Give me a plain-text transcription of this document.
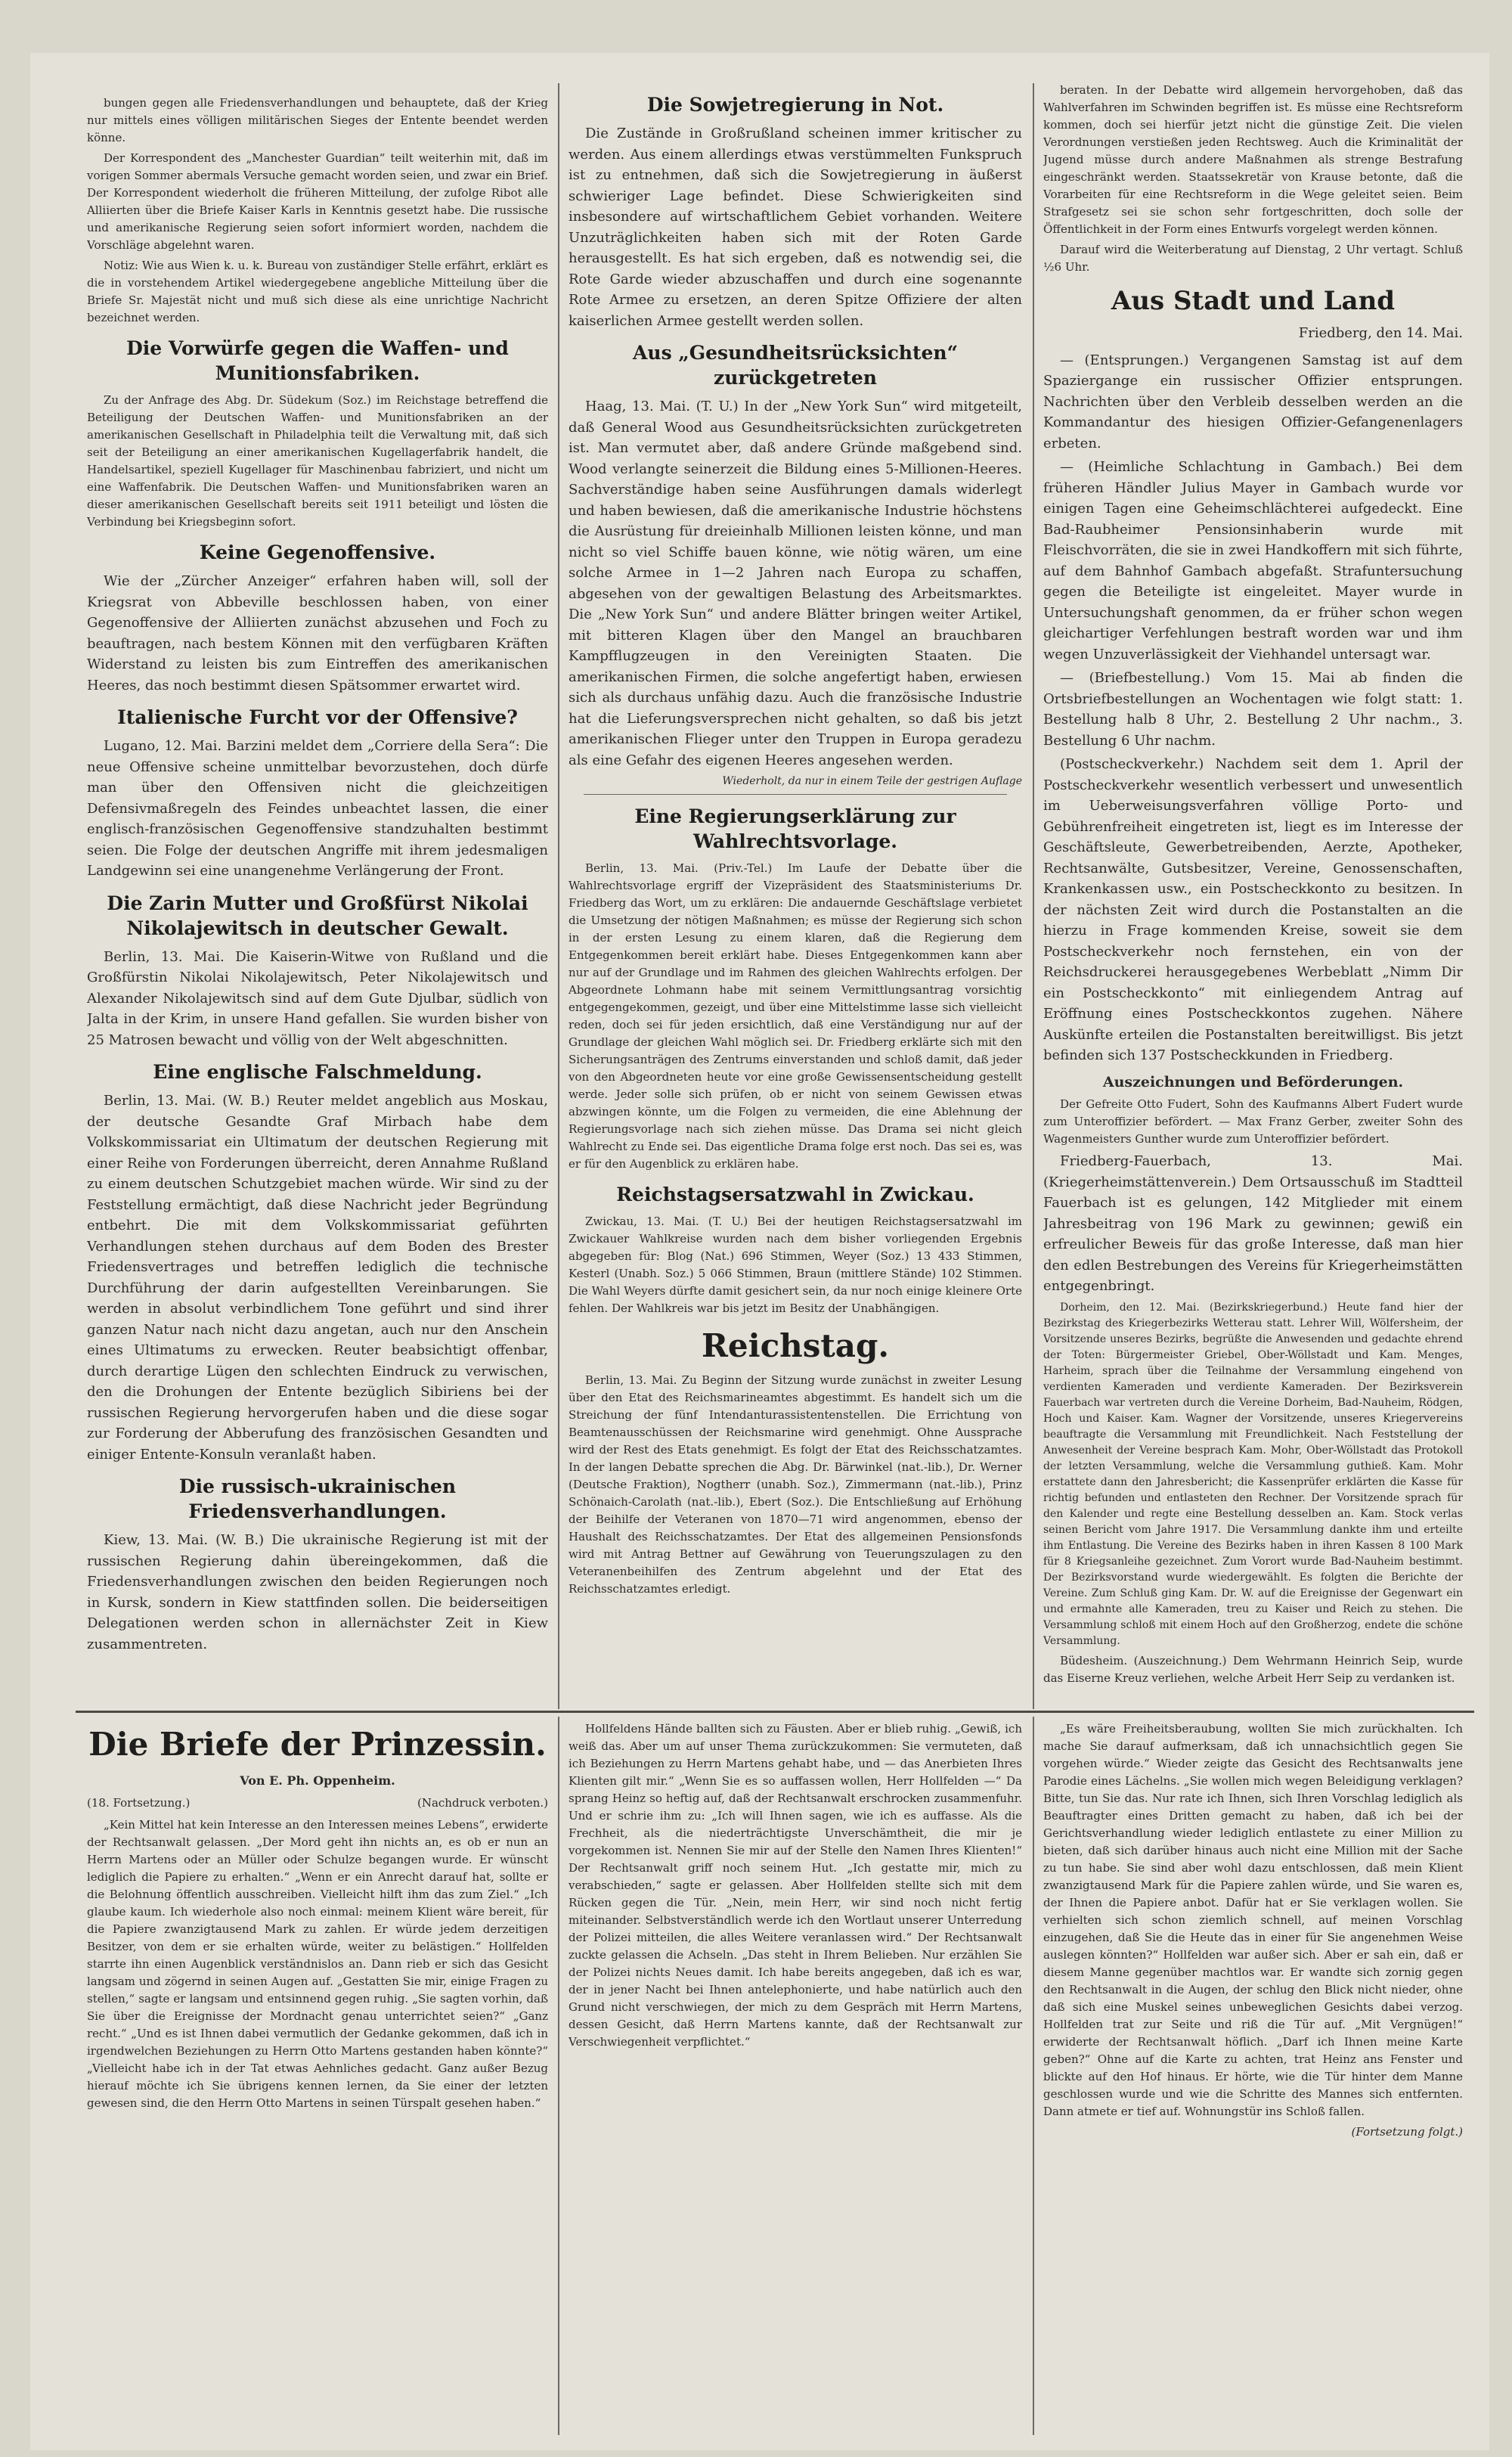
bungen gegen alle Friedensverhandlungen und behauptete, daß der Krieg nur mittels eines völligen militärischen Sieges der Entente beendet werden könne.

Der Korrespondent des „Manchester Guardian“ teilt weiterhin mit, daß im vorigen Sommer abermals Versuche gemacht worden seien, und zwar ein Brief. Der Korrespondent wiederholt die früheren Mitteilung, der zufolge Ribot alle Alliierten über die Briefe Kaiser Karls in Kenntnis gesetzt habe. Die russische und amerikanische Regierung seien sofort informiert worden, nachdem die Vorschläge abgelehnt waren.

Notiz: Wie aus Wien k. u. k. Bureau von zuständiger Stelle erfährt, erklärt es die in vorstehendem Artikel wiedergegebene angebliche Mitteilung über die Briefe Sr. Majestät nicht und muß sich diese als eine unrichtige Nachricht bezeichnet werden.

Die Vorwürfe gegen die Waffen- und Munitionsfabriken.

Zu der Anfrage des Abg. Dr. Südekum (Soz.) im Reichstage betreffend die Beteiligung der Deutschen Waffen- und Munitionsfabriken an der amerikanischen Gesellschaft in Philadelphia teilt die Verwaltung mit, daß sich seit der Beteiligung an einer amerikanischen Kugellagerfabrik handelt, die Handelsartikel, speziell Kugellager für Maschinenbau fabriziert, und nicht um eine Waffenfabrik. Die Deutschen Waffen- und Munitionsfabriken waren an dieser amerikanischen Gesellschaft bereits seit 1911 beteiligt und lösten die Verbindung bei Kriegsbeginn sofort.

Keine Gegenoffensive.

Wie der „Zürcher Anzeiger“ erfahren haben will, soll der Kriegsrat von Abbeville beschlossen haben, von einer Gegenoffensive der Alliierten zunächst abzusehen und Foch zu beauftragen, nach bestem Können mit den verfügbaren Kräften Widerstand zu leisten bis zum Eintreffen des amerikanischen Heeres, das noch bestimmt diesen Spätsommer erwartet wird.

Italienische Furcht vor der Offensive?

Lugano, 12. Mai. Barzini meldet dem „Corriere della Sera“: Die neue Offensive scheine unmittelbar bevorzustehen, doch dürfe man über den Offensiven nicht die gleichzeitigen Defensivmaßregeln des Feindes unbeachtet lassen, die einer englisch-französischen Gegenoffensive standzuhalten bestimmt seien. Die Folge der deutschen Angriffe mit ihrem jedesmaligen Landgewinn sei eine unangenehme Verlängerung der Front.

Die Zarin Mutter und Großfürst Nikolai Nikolajewitsch in deutscher Gewalt.

Berlin, 13. Mai. Die Kaiserin-Witwe von Rußland und die Großfürstin Nikolai Nikolajewitsch, Peter Nikolajewitsch und Alexander Nikolajewitsch sind auf dem Gute Djulbar, südlich von Jalta in der Krim, in unsere Hand gefallen. Sie wurden bisher von 25 Matrosen bewacht und völlig von der Welt abgeschnitten.

Eine englische Falschmeldung.

Berlin, 13. Mai. (W. B.) Reuter meldet angeblich aus Moskau, der deutsche Gesandte Graf Mirbach habe dem Volkskommissariat ein Ultimatum der deutschen Regierung mit einer Reihe von Forderungen überreicht, deren Annahme Rußland zu einem deutschen Schutzgebiet machen würde. Wir sind zu der Feststellung ermächtigt, daß diese Nachricht jeder Begründung entbehrt. Die mit dem Volkskommissariat geführten Verhandlungen stehen durchaus auf dem Boden des Brester Friedensvertrages und betreffen lediglich die technische Durchführung der darin aufgestellten Vereinbarungen. Sie werden in absolut verbindlichem Tone geführt und sind ihrer ganzen Natur nach nicht dazu angetan, auch nur den Anschein eines Ultimatums zu erwecken. Reuter beabsichtigt offenbar, durch derartige Lügen den schlechten Eindruck zu verwischen, den die Drohungen der Entente bezüglich Sibiriens bei der russischen Regierung hervorgerufen haben und die diese sogar zur Forderung der Abberufung des französischen Gesandten und einiger Entente-Konsuln veranlaßt haben.

Die russisch-ukrainischen Friedensverhandlungen.

Kiew, 13. Mai. (W. B.) Die ukrainische Regierung ist mit der russischen Regierung dahin übereingekommen, daß die Friedensverhandlungen zwischen den beiden Regierungen noch in Kursk, sondern in Kiew stattfinden sollen. Die beiderseitigen Delegationen werden schon in allernächster Zeit in Kiew zusammentreten.

Die Sowjetregierung in Not.

Die Zustände in Großrußland scheinen immer kritischer zu werden. Aus einem allerdings etwas verstümmelten Funkspruch ist zu entnehmen, daß sich die Sowjetregierung in äußerst schwieriger Lage befindet. Diese Schwierigkeiten sind insbesondere auf wirtschaftlichem Gebiet vorhanden. Weitere Unzuträglichkeiten haben sich mit der Roten Garde herausgestellt. Es hat sich ergeben, daß es notwendig sei, die Rote Garde wieder abzuschaffen und durch eine sogenannte Rote Armee zu ersetzen, an deren Spitze Offiziere der alten kaiserlichen Armee gestellt werden sollen.

Aus „Gesundheitsrücksichten“ zurückgetreten

Haag, 13. Mai. (T. U.) In der „New York Sun“ wird mitgeteilt, daß General Wood aus Gesundheitsrücksichten zurückgetreten ist. Man vermutet aber, daß andere Gründe maßgebend sind. Wood verlangte seinerzeit die Bildung eines 5-Millionen-Heeres. Sachverständige haben seine Ausführungen damals widerlegt und haben bewiesen, daß die amerikanische Industrie höchstens die Ausrüstung für dreieinhalb Millionen leisten könne, und man nicht so viel Schiffe bauen könne, wie nötig wären, um eine solche Armee in 1—2 Jahren nach Europa zu schaffen, abgesehen von der gewaltigen Belastung des Arbeitsmarktes. Die „New York Sun“ und andere Blätter bringen weiter Artikel, mit bitteren Klagen über den Mangel an brauchbaren Kampfflugzeugen in den Vereinigten Staaten. Die amerikanischen Firmen, die solche angefertigt haben, erwiesen sich als durchaus unfähig dazu. Auch die französische Industrie hat die Lieferungsversprechen nicht gehalten, so daß bis jetzt amerikanischen Flieger unter den Truppen in Europa geradezu als eine Gefahr des eigenen Heeres angesehen werden.

Wiederholt, da nur in einem Teile der gestrigen Auflage

Eine Regierungserklärung zur Wahlrechtsvorlage.

Berlin, 13. Mai. (Priv.-Tel.) Im Laufe der Debatte über die Wahlrechtsvorlage ergriff der Vizepräsident des Staatsministeriums Dr. Friedberg das Wort, um zu erklären: Die andauernde Geschäftslage verbietet die Umsetzung der nötigen Maßnahmen; es müsse der Regierung sich schon in der ersten Lesung zu einem klaren, daß die Regierung dem Entgegenkommen bereit erklärt habe. Dieses Entgegenkommen kann aber nur auf der Grundlage und im Rahmen des gleichen Wahlrechts erfolgen. Der Abgeordnete Lohmann habe mit seinem Vermittlungsantrag vorsichtig entgegengekommen, gezeigt, und über eine Mittelstimme lasse sich vielleicht reden, doch sei für jeden ersichtlich, daß eine Verständigung nur auf der Grundlage der gleichen Wahl möglich sei. Dr. Friedberg erklärte sich mit den Sicherungsanträgen des Zentrums einverstanden und schloß damit, daß jeder von den Abgeordneten heute vor eine große Gewissensentscheidung gestellt werde. Jeder solle sich prüfen, ob er nicht von seinem Gewissen etwas abzwingen könnte, um die Folgen zu vermeiden, die eine Ablehnung der Regierungsvorlage nach sich ziehen müsse. Das Drama sei nicht gleich Wahlrecht zu Ende sei. Das eigentliche Drama folge erst noch. Das sei es, was er für den Augenblick zu erklären habe.

Reichstagsersatzwahl in Zwickau.

Zwickau, 13. Mai. (T. U.) Bei der heutigen Reichstagsersatzwahl im Zwickauer Wahlkreise wurden nach dem bisher vorliegenden Ergebnis abgegeben für: Blog (Nat.) 696 Stimmen, Weyer (Soz.) 13 433 Stimmen, Kesterl (Unabh. Soz.) 5 066 Stimmen, Braun (mittlere Stände) 102 Stimmen. Die Wahl Weyers dürfte damit gesichert sein, da nur noch einige kleinere Orte fehlen. Der Wahlkreis war bis jetzt im Besitz der Unabhängigen.

Reichstag.

Berlin, 13. Mai. Zu Beginn der Sitzung wurde zunächst in zweiter Lesung über den Etat des Reichsmarineamtes abgestimmt. Es handelt sich um die Streichung der fünf Intendanturassistentenstellen. Die Errichtung von Beamtenausschüssen der Reichsmarine wird genehmigt. Ohne Aussprache wird der Rest des Etats genehmigt. Es folgt der Etat des Reichsschatzamtes. In der langen Debatte sprechen die Abg. Dr. Bärwinkel (nat.-lib.), Dr. Werner (Deutsche Fraktion), Nogtherr (unabh. Soz.), Zimmermann (nat.-lib.), Prinz Schönaich-Carolath (nat.-lib.), Ebert (Soz.). Die Entschließung auf Erhöhung der Beihilfe der Veteranen von 1870—71 wird angenommen, ebenso der Haushalt des Reichsschatzamtes. Der Etat des allgemeinen Pensionsfonds wird mit Antrag Bettner auf Gewährung von Teuerungszulagen zu den Veteranenbeihilfen des Zentrum abgelehnt und der Etat des Reichsschatzamtes erledigt.

beraten. In der Debatte wird allgemein hervorgehoben, daß das Wahlverfahren im Schwinden begriffen ist. Es müsse eine Rechtsreform kommen, doch sei hierfür jetzt nicht die günstige Zeit. Die vielen Verordnungen verstießen jeden Rechtsweg. Auch die Kriminalität der Jugend müsse durch andere Maßnahmen als strenge Bestrafung eingeschränkt werden. Staatssekretär von Krause betonte, daß die Vorarbeiten für eine Rechtsreform in die Wege geleitet seien. Beim Strafgesetz sei sie schon sehr fortgeschritten, doch solle der Öffentlichkeit in der Form eines Entwurfs vorgelegt werden können.

Darauf wird die Weiterberatung auf Dienstag, 2 Uhr vertagt. Schluß ½6 Uhr.

Aus Stadt und Land
Friedberg, den 14. Mai.

— (Entsprungen.) Vergangenen Samstag ist auf dem Spaziergange ein russischer Offizier entsprungen. Nachrichten über den Verbleib desselben werden an die Kommandantur des hiesigen Offizier-Gefangenenlagers erbeten.

— (Heimliche Schlachtung in Gambach.) Bei dem früheren Händler Julius Mayer in Gambach wurde vor einigen Tagen eine Geheimschlächterei aufgedeckt. Eine Bad-Raubheimer Pensionsinhaberin wurde mit Fleischvorräten, die sie in zwei Handkoffern mit sich führte, auf dem Bahnhof Gambach abgefaßt. Strafuntersuchung gegen die Beteiligte ist eingeleitet. Mayer wurde in Untersuchungshaft genommen, da er früher schon wegen gleichartiger Verfehlungen bestraft worden war und ihm wegen Unzuverlässigkeit der Viehhandel untersagt war.

— (Briefbestellung.) Vom 15. Mai ab finden die Ortsbriefbestellungen an Wochentagen wie folgt statt: 1. Bestellung halb 8 Uhr, 2. Bestellung 2 Uhr nachm., 3. Bestellung 6 Uhr nachm.

(Postscheckverkehr.) Nachdem seit dem 1. April der Postscheckverkehr wesentlich verbessert und unwesentlich im Ueberweisungsverfahren völlige Porto- und Gebührenfreiheit eingetreten ist, liegt es im Interesse der Geschäftsleute, Gewerbetreibenden, Aerzte, Apotheker, Rechtsanwälte, Gutsbesitzer, Vereine, Genossenschaften, Krankenkassen usw., ein Postscheckkonto zu besitzen. In der nächsten Zeit wird durch die Postanstalten an die hierzu in Frage kommenden Kreise, soweit sie dem Postscheckverkehr noch fernstehen, ein von der Reichsdruckerei herausgegebenes Werbeblatt „Nimm Dir ein Postscheckkonto“ mit einliegendem Antrag auf Eröffnung eines Postscheckkontos zugehen. Nähere Auskünfte erteilen die Postanstalten bereitwilligst. Bis jetzt befinden sich 137 Postscheckkunden in Friedberg.

Auszeichnungen und Beförderungen.

Der Gefreite Otto Fudert, Sohn des Kaufmanns Albert Fudert wurde zum Unteroffizier befördert. — Max Franz Gerber, zweiter Sohn des Wagenmeisters Gunther wurde zum Unteroffizier befördert.

Friedberg-Fauerbach, 13. Mai. (Kriegerheimstättenverein.) Dem Ortsausschuß im Stadtteil Fauerbach ist es gelungen, 142 Mitglieder mit einem Jahresbeitrag von 196 Mark zu gewinnen; gewiß ein erfreulicher Beweis für das große Interesse, daß man hier den edlen Bestrebungen des Vereins für Kriegerheimstätten entgegenbringt.

Dorheim, den 12. Mai. (Bezirkskriegerbund.) Heute fand hier der Bezirkstag des Kriegerbezirks Wetterau statt. Lehrer Will, Wölfersheim, der Vorsitzende unseres Bezirks, begrüßte die Anwesenden und gedachte ehrend der Toten: Bürgermeister Griebel, Ober-Wöllstadt und Kam. Menges, Harheim, sprach über die Teilnahme der Versammlung eingehend von verdienten Kameraden und verdiente Kameraden. Der Bezirksverein Fauerbach war vertreten durch die Vereine Dorheim, Bad-Nauheim, Rödgen, Hoch und Kaiser. Kam. Wagner der Vorsitzende, unseres Kriegervereins beauftragte die Versammlung mit Freundlichkeit. Nach Feststellung der Anwesenheit der Vereine besprach Kam. Mohr, Ober-Wöllstadt das Protokoll der letzten Versammlung, welche die Versammlung guthieß. Kam. Mohr erstattete dann den Jahresbericht; die Kassenprüfer erklärten die Kasse für richtig befunden und entlasteten den Rechner. Der Vorsitzende sprach für den Kalender und regte eine Bestellung desselben an. Kam. Stock verlas seinen Bericht vom Jahre 1917. Die Versammlung dankte ihm und erteilte ihm Entlastung. Die Vereine des Bezirks haben in ihren Kassen 8 100 Mark für 8 Kriegsanleihe gezeichnet. Zum Vorort wurde Bad-Nauheim bestimmt. Der Bezirksvorstand wurde wiedergewählt. Es folgten die Berichte der Vereine. Zum Schluß ging Kam. Dr. W. auf die Ereignisse der Gegenwart ein und ermahnte alle Kameraden, treu zu Kaiser und Reich zu stehen. Die Versammlung schloß mit einem Hoch auf den Großherzog, endete die schöne Versammlung.

Büdesheim. (Auszeichnung.) Dem Wehrmann Heinrich Seip, wurde das Eiserne Kreuz verliehen, welche Arbeit Herr Seip zu verdanken ist.

Die Briefe der Prinzessin.
Von E. Ph. Oppenheim.
(18. Fortsetzung.)	(Nachdruck verboten.)

„Kein Mittel hat kein Interesse an den Interessen meines Lebens“, erwiderte der Rechtsanwalt gelassen. „Der Mord geht ihn nichts an, es ob er nun an Herrn Martens oder an Müller oder Schulze begangen wurde. Er wünscht lediglich die Papiere zu erhalten.“ „Wenn er ein Anrecht darauf hat, sollte er die Belohnung öffentlich ausschreiben. Vielleicht hilft ihm das zum Ziel.“ „Ich glaube kaum. Ich wiederhole also noch einmal: meinem Klient wäre bereit, für die Papiere zwanzigtausend Mark zu zahlen. Er würde jedem derzeitigen Besitzer, von dem er sie erhalten würde, weiter zu belästigen.“ Hollfelden starrte ihn einen Augenblick verständnislos an. Dann rieb er sich das Gesicht langsam und zögernd in seinen Augen auf. „Gestatten Sie mir, einige Fragen zu stellen,“ sagte er langsam und entsinnend gegen ruhig. „Sie sagten vorhin, daß Sie über die Ereignisse der Mordnacht genau unterrichtet seien?“ „Ganz recht.“ „Und es ist Ihnen dabei vermutlich der Gedanke gekommen, daß ich in irgendwelchen Beziehungen zu Herrn Otto Martens gestanden haben könnte?“ „Vielleicht habe ich in der Tat etwas Aehnliches gedacht. Ganz außer Bezug hierauf möchte ich Sie übrigens kennen lernen, da Sie einer der letzten gewesen sind, die den Herrn Otto Martens in seinen Türspalt gesehen haben.“

Hollfeldens Hände ballten sich zu Fäusten. Aber er blieb ruhig. „Gewiß, ich weiß das. Aber um auf unser Thema zurückzukommen: Sie vermuteten, daß ich Beziehungen zu Herrn Martens gehabt habe, und — das Anerbieten Ihres Klienten gilt mir.“ „Wenn Sie es so auffassen wollen, Herr Hollfelden —“ Da sprang Heinz so heftig auf, daß der Rechtsanwalt erschrocken zusammenfuhr. Und er schrie ihm zu: „Ich will Ihnen sagen, wie ich es auffasse. Als die Frechheit, als die niederträchtigste Unverschämtheit, die mir je vorgekommen ist. Nennen Sie mir auf der Stelle den Namen Ihres Klienten!“ Der Rechtsanwalt griff noch seinem Hut. „Ich gestatte mir, mich zu verabschieden,“ sagte er gelassen. Aber Hollfelden stellte sich mit dem Rücken gegen die Tür. „Nein, mein Herr, wir sind noch nicht fertig miteinander. Selbstverständlich werde ich den Wortlaut unserer Unterredung der Polizei mitteilen, die alles Weitere veranlassen wird.“ Der Rechtsanwalt zuckte gelassen die Achseln. „Das steht in Ihrem Belieben. Nur erzählen Sie der Polizei nichts Neues damit. Ich habe bereits angegeben, daß ich es war, der in jener Nacht bei Ihnen antelephonierte, und habe natürlich auch den Grund nicht verschwiegen, der mich zu dem Gespräch mit Herrn Martens, dessen Gesicht, daß Herrn Martens kannte, daß der Rechtsanwalt zur Verschwiegenheit verpflichtet.“

„Es wäre Freiheitsberaubung, wollten Sie mich zurückhalten. Ich mache Sie darauf aufmerksam, daß ich unnachsichtlich gegen Sie vorgehen würde.“ Wieder zeigte das Gesicht des Rechtsanwalts jene Parodie eines Lächelns. „Sie wollen mich wegen Beleidigung verklagen? Bitte, tun Sie das. Nur rate ich Ihnen, sich Ihren Vorschlag lediglich als Beauftragter eines Dritten gemacht zu haben, daß ich bei der Gerichtsverhandlung wieder lediglich entlastete zu einer Million zu bieten, daß sich darüber hinaus auch nicht eine Million mit der Sache zu tun habe. Sie sind aber wohl dazu entschlossen, daß mein Klient zwanzigtausend Mark für die Papiere zahlen würde, und Sie waren es, der Ihnen die Papiere anbot. Dafür hat er Sie verklagen wollen. Sie verhielten sich schon ziemlich schnell, auf meinen Vorschlag einzugehen, daß Sie die Heute das in einer für Sie angenehmen Weise auslegen könnten?“ Hollfelden war außer sich. Aber er sah ein, daß er diesem Manne gegenüber machtlos war. Er wandte sich zornig gegen den Rechtsanwalt in die Augen, der schlug den Blick nicht nieder, ohne daß sich eine Muskel seines unbeweglichen Gesichts dabei verzog. Hollfelden trat zur Seite und riß die Tür auf. „Mit Vergnügen!“ erwiderte der Rechtsanwalt höflich. „Darf ich Ihnen meine Karte geben?“ Ohne auf die Karte zu achten, trat Heinz ans Fenster und blickte auf den Hof hinaus. Er hörte, wie die Tür hinter dem Manne geschlossen wurde und wie die Schritte des Mannes sich entfernten. Dann atmete er tief auf. Wohnungstür ins Schloß fallen.

(Fortsetzung folgt.)
